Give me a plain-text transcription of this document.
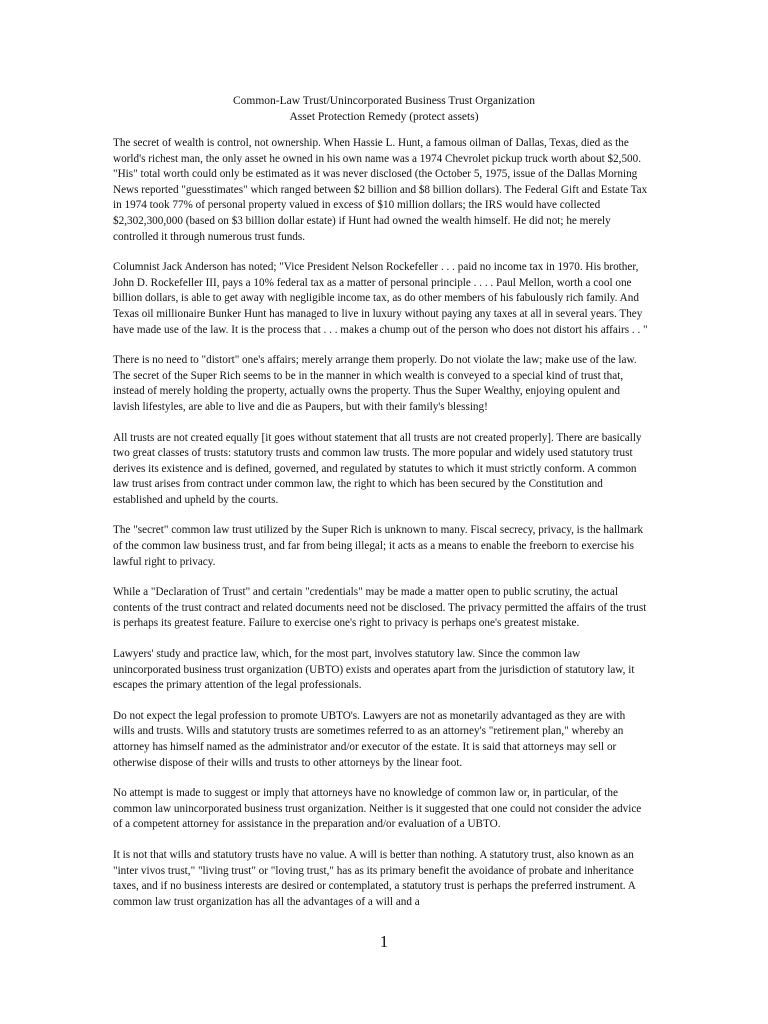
Common-Law Trust/Unincorporated Business Trust Organization
Asset Protection Remedy (protect assets)

The secret of wealth is control, not ownership. When Hassie L. Hunt, a famous oilman of Dallas, Texas, died as the world's richest man, the only asset he owned in his own name was a 1974 Chevrolet pickup truck worth about $2,500. "His" total worth could only be estimated as it was never disclosed (the October 5, 1975, issue of the Dallas Morning News reported "guesstimates" which ranged between $2 billion and $8 billion dollars). The Federal Gift and Estate Tax in 1974 took 77% of personal property valued in excess of $10 million dollars; the IRS would have collected $2,302,300,000 (based on $3 billion dollar estate) if Hunt had owned the wealth himself. He did not; he merely controlled it through numerous trust funds.

Columnist Jack Anderson has noted; "Vice President Nelson Rockefeller . . . paid no income tax in 1970. His brother, John D. Rockefeller III, pays a 10% federal tax as a matter of personal principle . . . . Paul Mellon, worth a cool one billion dollars, is able to get away with negligible income tax, as do other members of his fabulously rich family. And Texas oil millionaire Bunker Hunt has managed to live in luxury without paying any taxes at all in several years. They have made use of the law. It is the process that . . . makes a chump out of the person who does not distort his affairs . . "

There is no need to "distort" one's affairs; merely arrange them properly. Do not violate the law; make use of the law. The secret of the Super Rich seems to be in the manner in which wealth is conveyed to a special kind of trust that, instead of merely holding the property, actually owns the property. Thus the Super Wealthy, enjoying opulent and lavish lifestyles, are able to live and die as Paupers, but with their family's blessing!

All trusts are not created equally [it goes without statement that all trusts are not created properly]. There are basically two great classes of trusts: statutory trusts and common law trusts. The more popular and widely used statutory trust derives its existence and is defined, governed, and regulated by statutes to which it must strictly conform. A common law trust arises from contract under common law, the right to which has been secured by the Constitution and established and upheld by the courts.

The "secret" common law trust utilized by the Super Rich is unknown to many. Fiscal secrecy, privacy, is the hallmark of the common law business trust, and far from being illegal; it acts as a means to enable the freeborn to exercise his lawful right to privacy.

While a "Declaration of Trust" and certain "credentials" may be made a matter open to public scrutiny, the actual contents of the trust contract and related documents need not be disclosed. The privacy permitted the affairs of the trust is perhaps its greatest feature. Failure to exercise one's right to privacy is perhaps one's greatest mistake.

Lawyers' study and practice law, which, for the most part, involves statutory law. Since the common law unincorporated business trust organization (UBTO) exists and operates apart from the jurisdiction of statutory law, it escapes the primary attention of the legal professionals.

Do not expect the legal profession to promote UBTO's. Lawyers are not as monetarily advantaged as they are with wills and trusts. Wills and statutory trusts are sometimes referred to as an attorney's "retirement plan," whereby an attorney has himself named as the administrator and/or executor of the estate. It is said that attorneys may sell or otherwise dispose of their wills and trusts to other attorneys by the linear foot.

No attempt is made to suggest or imply that attorneys have no knowledge of common law or, in particular, of the common law unincorporated business trust organization. Neither is it suggested that one could not consider the advice of a competent attorney for assistance in the preparation and/or evaluation of a UBTO.

It is not that wills and statutory trusts have no value. A will is better than nothing. A statutory trust, also known as an "inter vivos trust," "living trust" or "loving trust," has as its primary benefit the avoidance of probate and inheritance taxes, and if no business interests are desired or contemplated, a statutory trust is perhaps the preferred instrument. A common law trust organization has all the advantages of a will and a

1
